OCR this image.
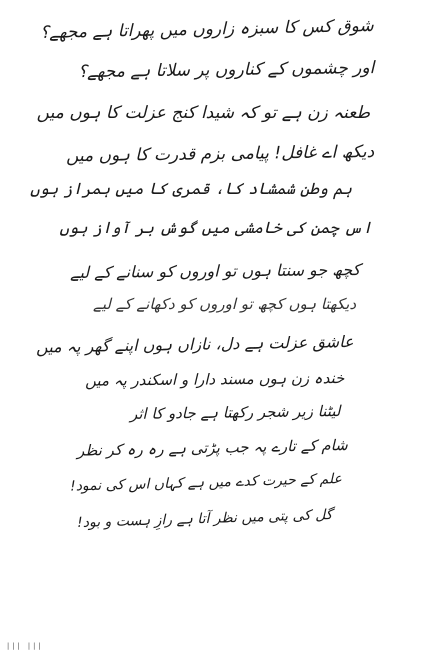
شوق کس کا سبزہ زاروں میں پھراتا ہے مجھے؟
اور چشموں کے کناروں پر سلاتا ہے مجھے؟
طعنہ زن ہے تو کہ شیدا کنج عزلت کا ہوں میں
دیکھ اے غافل! پیامی بزم قدرت کا ہوں میں
ہم وطن شمشاد کا، قمری کا میں ہمراز ہوں
اس چمن کی خامشی میں گوش بر آواز ہوں
کچھ جو سنتا ہوں تو اوروں کو سنانے کے لیے
دیکھتا ہوں کچھ تو اوروں کو دکھانے کے لیے
عاشق عزلت ہے دل، نازاں ہوں اپنے گھر پہ میں
خندہ زن ہوں مسند دارا و اسکندر پہ میں
لیٹنا زیر شجر رکھتا ہے جادو کا اثر
شام کے تارے پہ جب پڑتی ہے رہ رہ کر نظر
علم کے حیرت کدے میں ہے کہاں اس کی نمود!
گل کی پتی میں نظر آتا ہے رازِ ہست و بود!
||| |||
